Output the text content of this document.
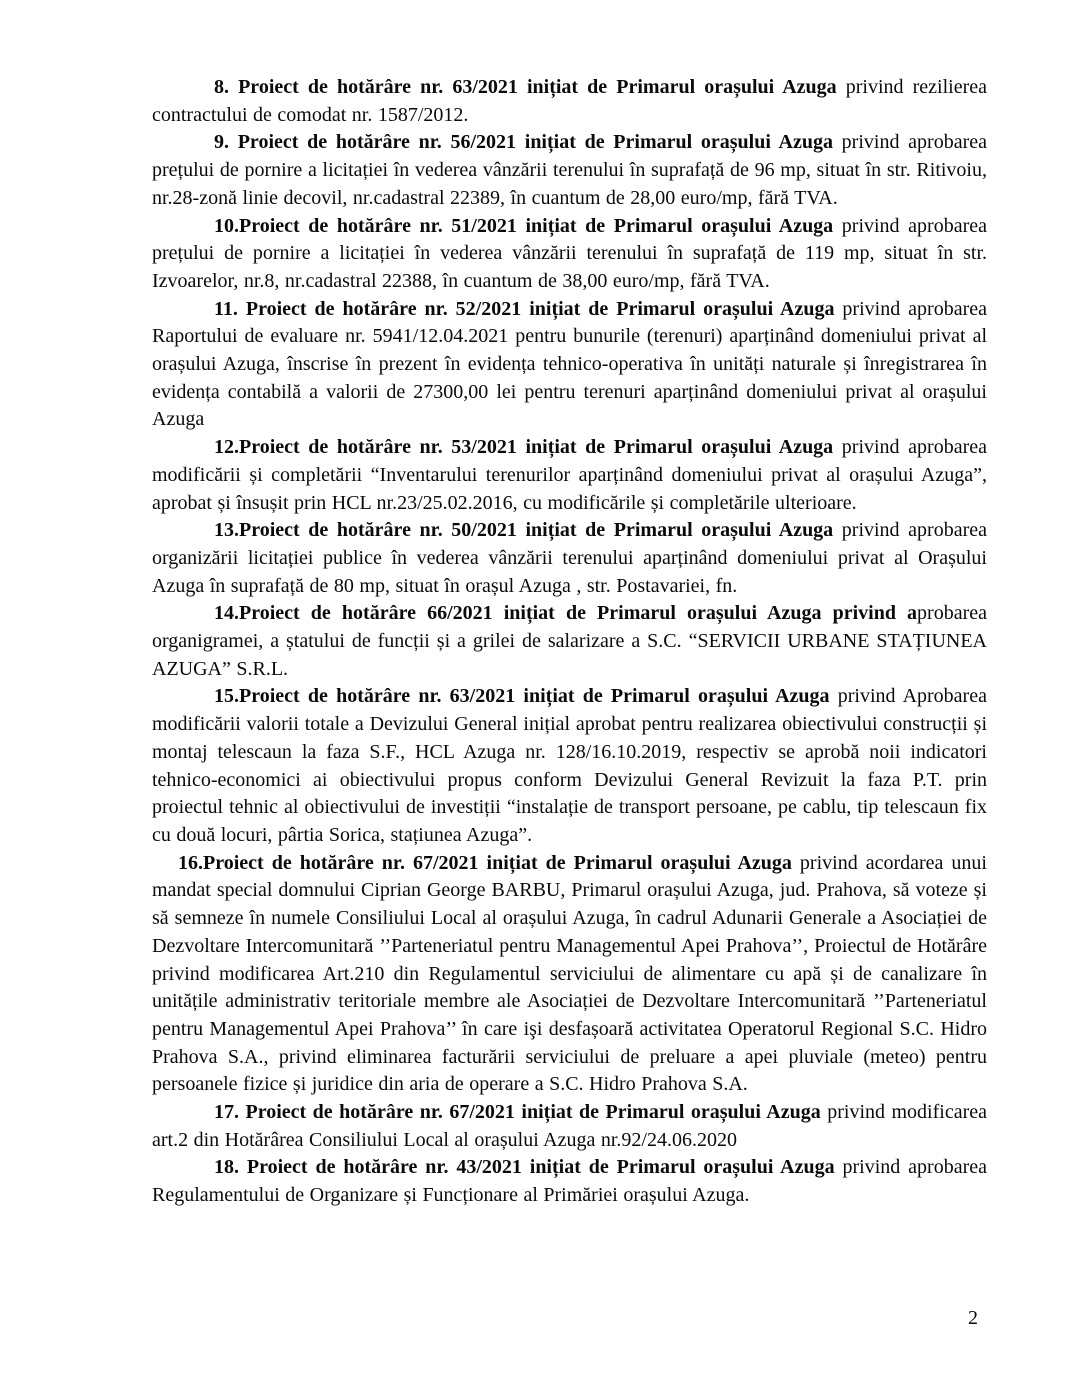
8. Proiect de hotărâre nr. 63/2021 inițiat de Primarul orașului Azuga privind rezilierea contractului de comodat nr. 1587/2012.

9. Proiect de hotărâre nr. 56/2021 inițiat de Primarul orașului Azuga privind aprobarea prețului de pornire a licitației în vederea vânzării terenului în suprafață de 96 mp, situat în str. Ritivoiu, nr.28-zonă linie decovil, nr.cadastral 22389, în cuantum de 28,00 euro/mp, fără TVA.

10.Proiect de hotărâre nr. 51/2021 inițiat de Primarul orașului Azuga privind aprobarea prețului de pornire a licitației în vederea vânzării terenului în suprafață de 119 mp, situat în str. Izvoarelor, nr.8, nr.cadastral 22388, în cuantum de 38,00 euro/mp, fără TVA.

11. Proiect de hotărâre nr. 52/2021 inițiat de Primarul orașului Azuga privind aprobarea Raportului de evaluare nr. 5941/12.04.2021 pentru bunurile (terenuri) aparținând domeniului privat al orașului Azuga, înscrise în prezent în evidența tehnico-operativa în unități naturale și înregistrarea în evidența contabilă a valorii de 27300,00 lei pentru terenuri aparținând domeniului privat al orașului Azuga

12.Proiect de hotărâre nr. 53/2021 inițiat de Primarul orașului Azuga privind aprobarea modificării și completării “Inventarului terenurilor aparținând domeniului privat al orașului Azuga”, aprobat și însușit prin HCL nr.23/25.02.2016, cu modificările și completările ulterioare.

13.Proiect de hotărâre nr. 50/2021 inițiat de Primarul orașului Azuga privind aprobarea organizării licitației publice în vederea vânzării terenului aparținând domeniului privat al Orașului Azuga în suprafață de 80 mp, situat în orașul Azuga , str. Postavariei, fn.

14.Proiect de hotărâre 66/2021 inițiat de Primarul orașului Azuga privind aprobarea organigramei, a ștatului de funcții și a grilei de salarizare a S.C. “SERVICII URBANE STAȚIUNEA AZUGA” S.R.L.

15.Proiect de hotărâre nr. 63/2021 inițiat de Primarul orașului Azuga privind Aprobarea modificării valorii totale a Devizului General inițial aprobat pentru realizarea obiectivului construcții și montaj telescaun la faza S.F., HCL Azuga nr. 128/16.10.2019, respectiv se aprobă noii indicatori tehnico-economici ai obiectivului propus conform Devizului General Revizuit la faza P.T. prin proiectul tehnic al obiectivului de investiții “instalație de transport persoane, pe cablu, tip telescaun fix cu două locuri, pârtia Sorica, stațiunea Azuga”.

16.Proiect de hotărâre nr. 67/2021 inițiat de Primarul orașului Azuga privind acordarea unui mandat special domnului Ciprian George BARBU, Primarul orașului Azuga, jud. Prahova, să voteze și să semneze în numele Consiliului Local al orașului Azuga, în cadrul Adunarii Generale a Asociației de Dezvoltare Intercomunitară ’’Parteneriatul pentru Managementul Apei Prahova’’, Proiectul de Hotărâre privind modificarea Art.210 din Regulamentul serviciului de alimentare cu apă și de canalizare în unitățile administrativ teritoriale membre ale Asociației de Dezvoltare Intercomunitară ’’Parteneriatul pentru Managementul Apei Prahova’’ în care işi desfașoară activitatea Operatorul Regional S.C. Hidro Prahova S.A., privind eliminarea facturării serviciului de preluare a apei pluviale (meteo) pentru persoanele fizice și juridice din aria de operare a S.C. Hidro Prahova S.A.

17. Proiect de hotărâre nr. 67/2021 inițiat de Primarul orașului Azuga privind modificarea art.2 din Hotărârea Consiliului Local al orașului Azuga nr.92/24.06.2020

18. Proiect de hotărâre nr. 43/2021 inițiat de Primarul orașului Azuga privind aprobarea Regulamentului de Organizare și Funcționare al Primăriei orașului Azuga.

2
